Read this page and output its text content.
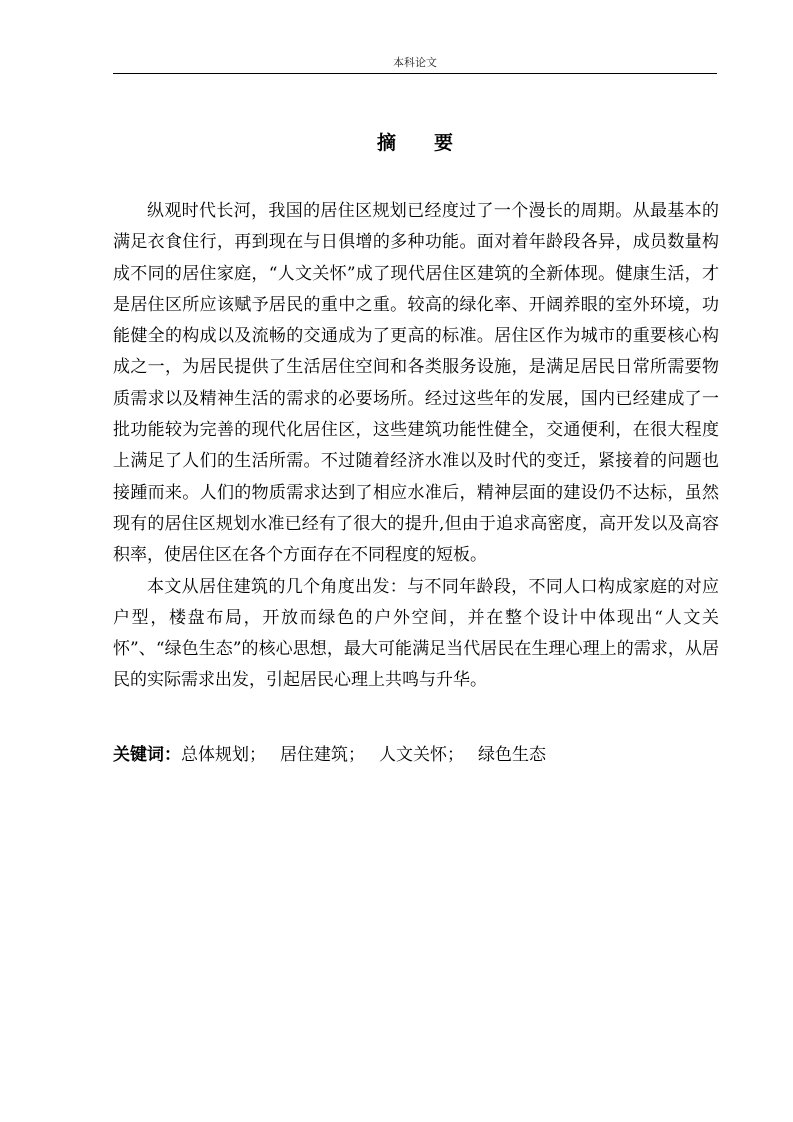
本科论文
摘要

纵观时代长河，我国的居住区规划已经度过了一个漫长的周期。从最基本的满足衣食住行，再到现在与日俱增的多种功能。面对着年龄段各异，成员数量构成不同的居住家庭，“人文关怀”成了现代居住区建筑的全新体现。健康生活，才是居住区所应该赋予居民的重中之重。较高的绿化率、开阔养眼的室外环境，功能健全的构成以及流畅的交通成为了更高的标准。居住区作为城市的重要核心构成之一，为居民提供了生活居住空间和各类服务设施，是满足居民日常所需要物质需求以及精神生活的需求的必要场所。经过这些年的发展，国内已经建成了一批功能较为完善的现代化居住区，这些建筑功能性健全，交通便利，在很大程度上满足了人们的生活所需。不过随着经济水准以及时代的变迁，紧接着的问题也接踵而来。人们的物质需求达到了相应水准后，精神层面的建设仍不达标，虽然现有的居住区规划水准已经有了很大的提升,但由于追求高密度，高开发以及高容积率，使居住区在各个方面存在不同程度的短板。

本文从居住建筑的几个角度出发：与不同年龄段，不同人口构成家庭的对应户型，楼盘布局，开放而绿色的户外空间，并在整个设计中体现出“人文关怀”、“绿色生态”的核心思想，最大可能满足当代居民在生理心理上的需求，从居民的实际需求出发，引起居民心理上共鸣与升华。

关键词：总体规划； 居住建筑； 人文关怀； 绿色生态
